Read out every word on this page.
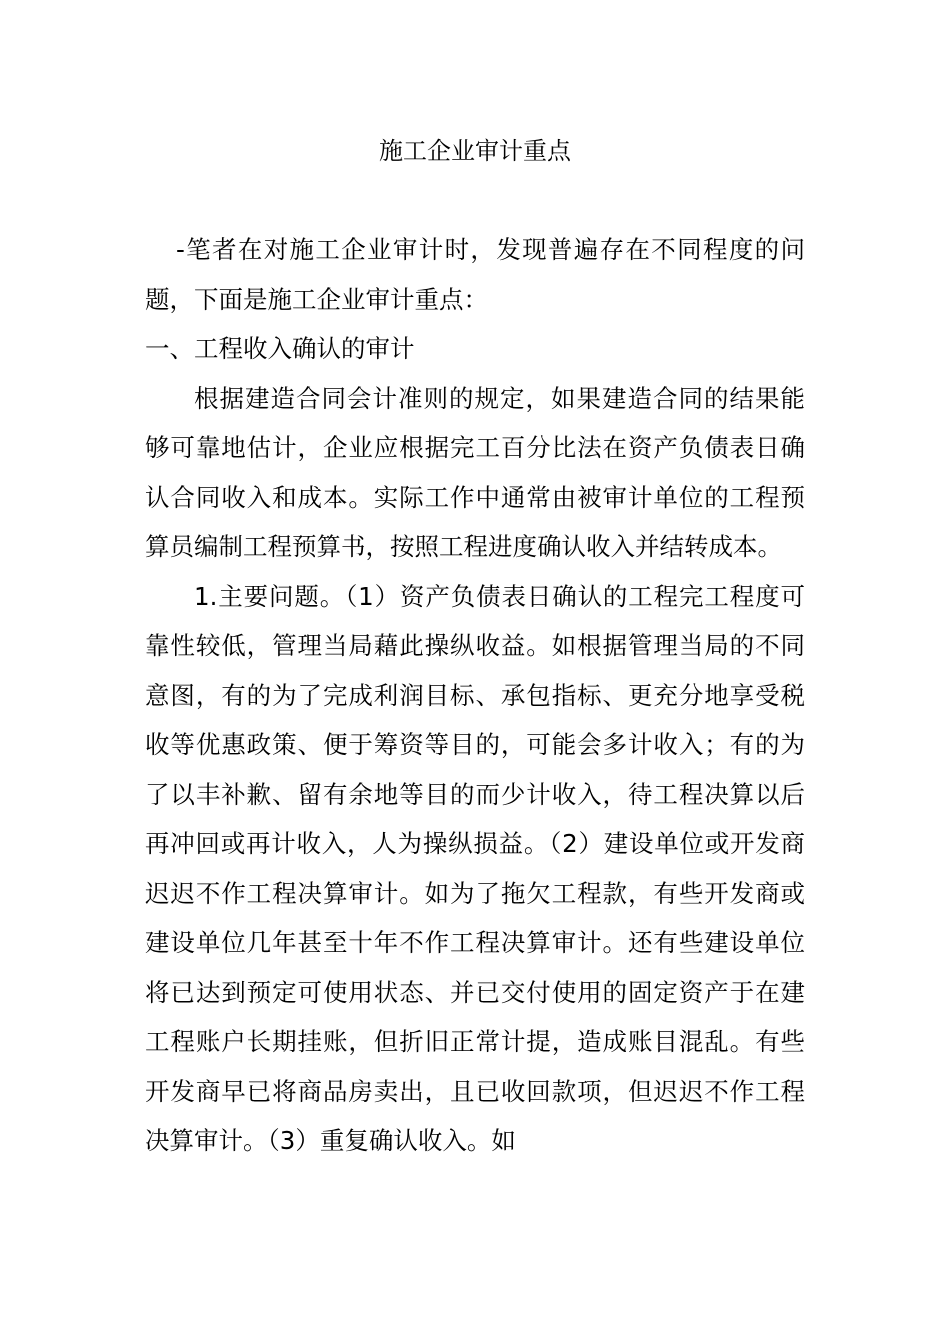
施工企业审计重点

-笔者在对施工企业审计时，发现普遍存在不同程度的问题，下面是施工企业审计重点：

一、工程收入确认的审计

根据建造合同会计准则的规定，如果建造合同的结果能够可靠地估计，企业应根据完工百分比法在资产负债表日确认合同收入和成本。实际工作中通常由被审计单位的工程预算员编制工程预算书，按照工程进度确认收入并结转成本。

1.主要问题。（1）资产负债表日确认的工程完工程度可靠性较低，管理当局藉此操纵收益。如根据管理当局的不同意图，有的为了完成利润目标、承包指标、更充分地享受税收等优惠政策、便于筹资等目的，可能会多计收入；有的为了以丰补歉、留有余地等目的而少计收入，待工程决算以后再冲回或再计收入，人为操纵损益。（2）建设单位或开发商迟迟不作工程决算审计。如为了拖欠工程款，有些开发商或建设单位几年甚至十年不作工程决算审计。还有些建设单位将已达到预定可使用状态、并已交付使用的固定资产于在建工程账户长期挂账，但折旧正常计提，造成账目混乱。有些开发商早已将商品房卖出，且已收回款项，但迟迟不作工程决算审计。（3）重复确认收入。如
